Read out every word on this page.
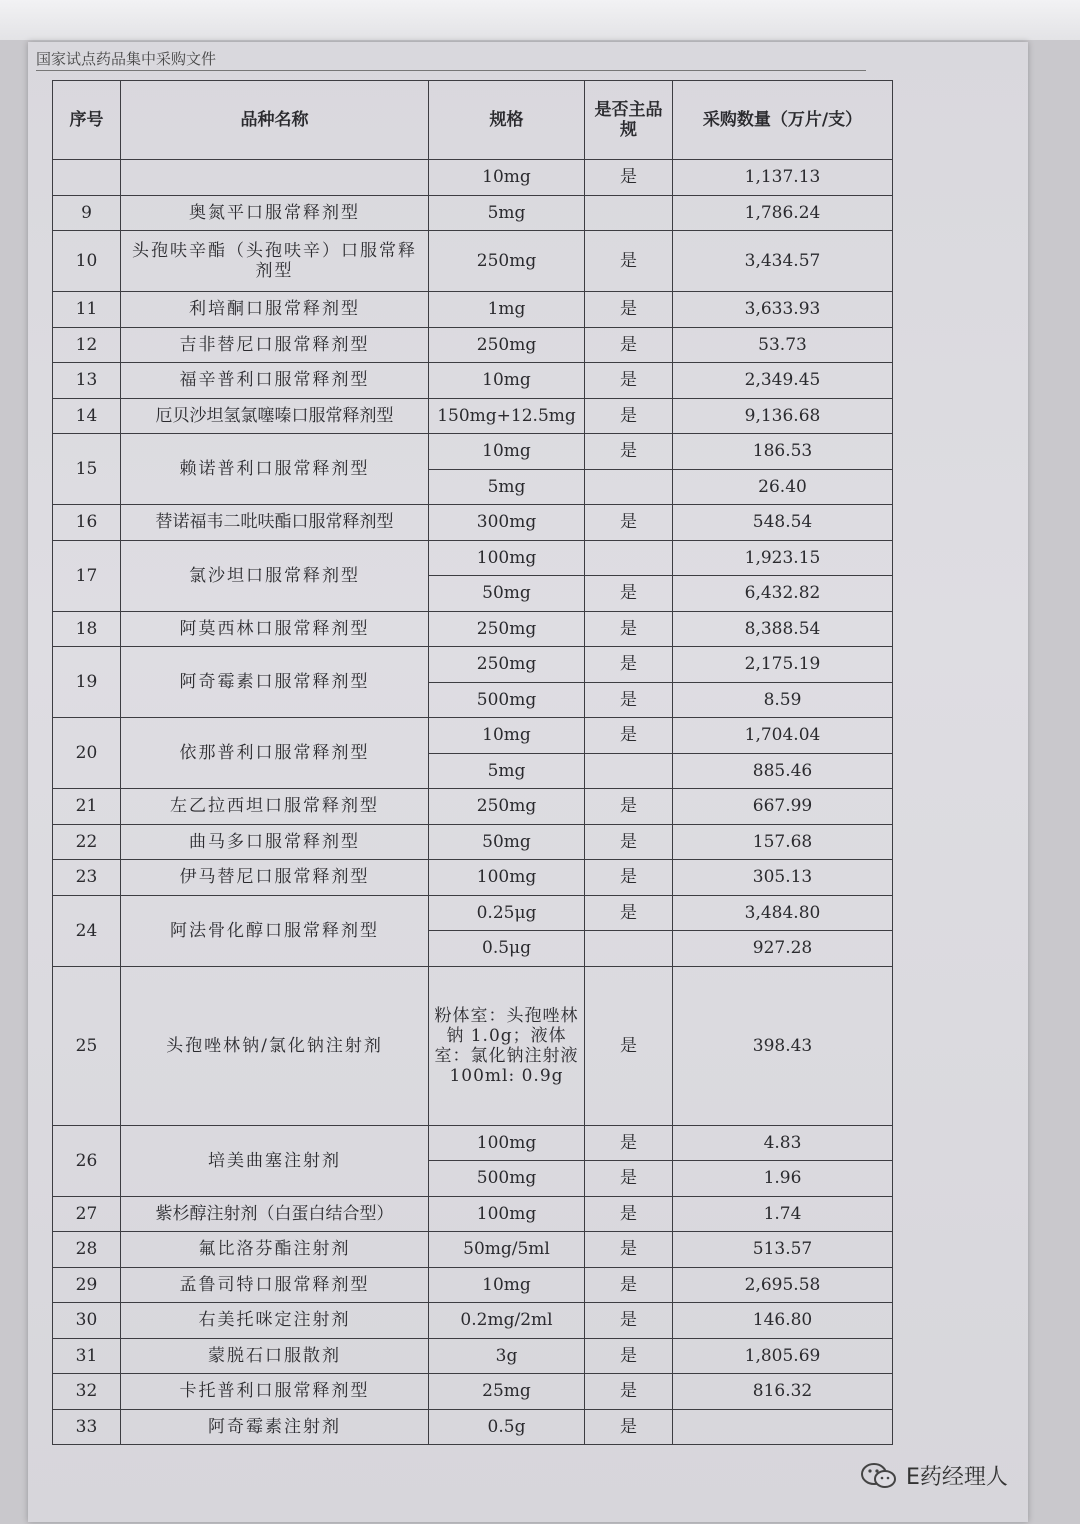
国家试点药品集中采购文件
序号	品种名称	规格	是否主品规	采购数量（万片/支）
		10mg	是	1,137.13
9	奥氮平口服常释剂型	5mg		1,786.24
10	头孢呋辛酯（头孢呋辛）口服常释剂型	250mg	是	3,434.57
11	利培酮口服常释剂型	1mg	是	3,633.93
12	吉非替尼口服常释剂型	250mg	是	53.73
13	福辛普利口服常释剂型	10mg	是	2,349.45
14	厄贝沙坦氢氯噻嗪口服常释剂型	150mg+12.5mg	是	9,136.68
15	赖诺普利口服常释剂型	10mg	是	186.53
		5mg		26.40
16	替诺福韦二吡呋酯口服常释剂型	300mg	是	548.54
17	氯沙坦口服常释剂型	100mg		1,923.15
		50mg	是	6,432.82
18	阿莫西林口服常释剂型	250mg	是	8,388.54
19	阿奇霉素口服常释剂型	250mg	是	2,175.19
		500mg	是	8.59
20	依那普利口服常释剂型	10mg	是	1,704.04
		5mg		885.46
21	左乙拉西坦口服常释剂型	250mg	是	667.99
22	曲马多口服常释剂型	50mg	是	157.68
23	伊马替尼口服常释剂型	100mg	是	305.13
24	阿法骨化醇口服常释剂型	0.25μg	是	3,484.80
		0.5μg		927.28
25	头孢唑林钠/氯化钠注射剂	粉体室：头孢唑林钠 1.0g；液体室：氯化钠注射液 100ml: 0.9g	是	398.43
26	培美曲塞注射剂	100mg	是	4.83
		500mg	是	1.96
27	紫杉醇注射剂（白蛋白结合型）	100mg	是	1.74
28	氟比洛芬酯注射剂	50mg/5ml	是	513.57
29	孟鲁司特口服常释剂型	10mg	是	2,695.58
30	右美托咪定注射剂	0.2mg/2ml	是	146.80
31	蒙脱石口服散剂	3g	是	1,805.69
32	卡托普利口服常释剂型	25mg	是	816.32
33	阿奇霉素注射剂	0.5g	是	
E药经理人
